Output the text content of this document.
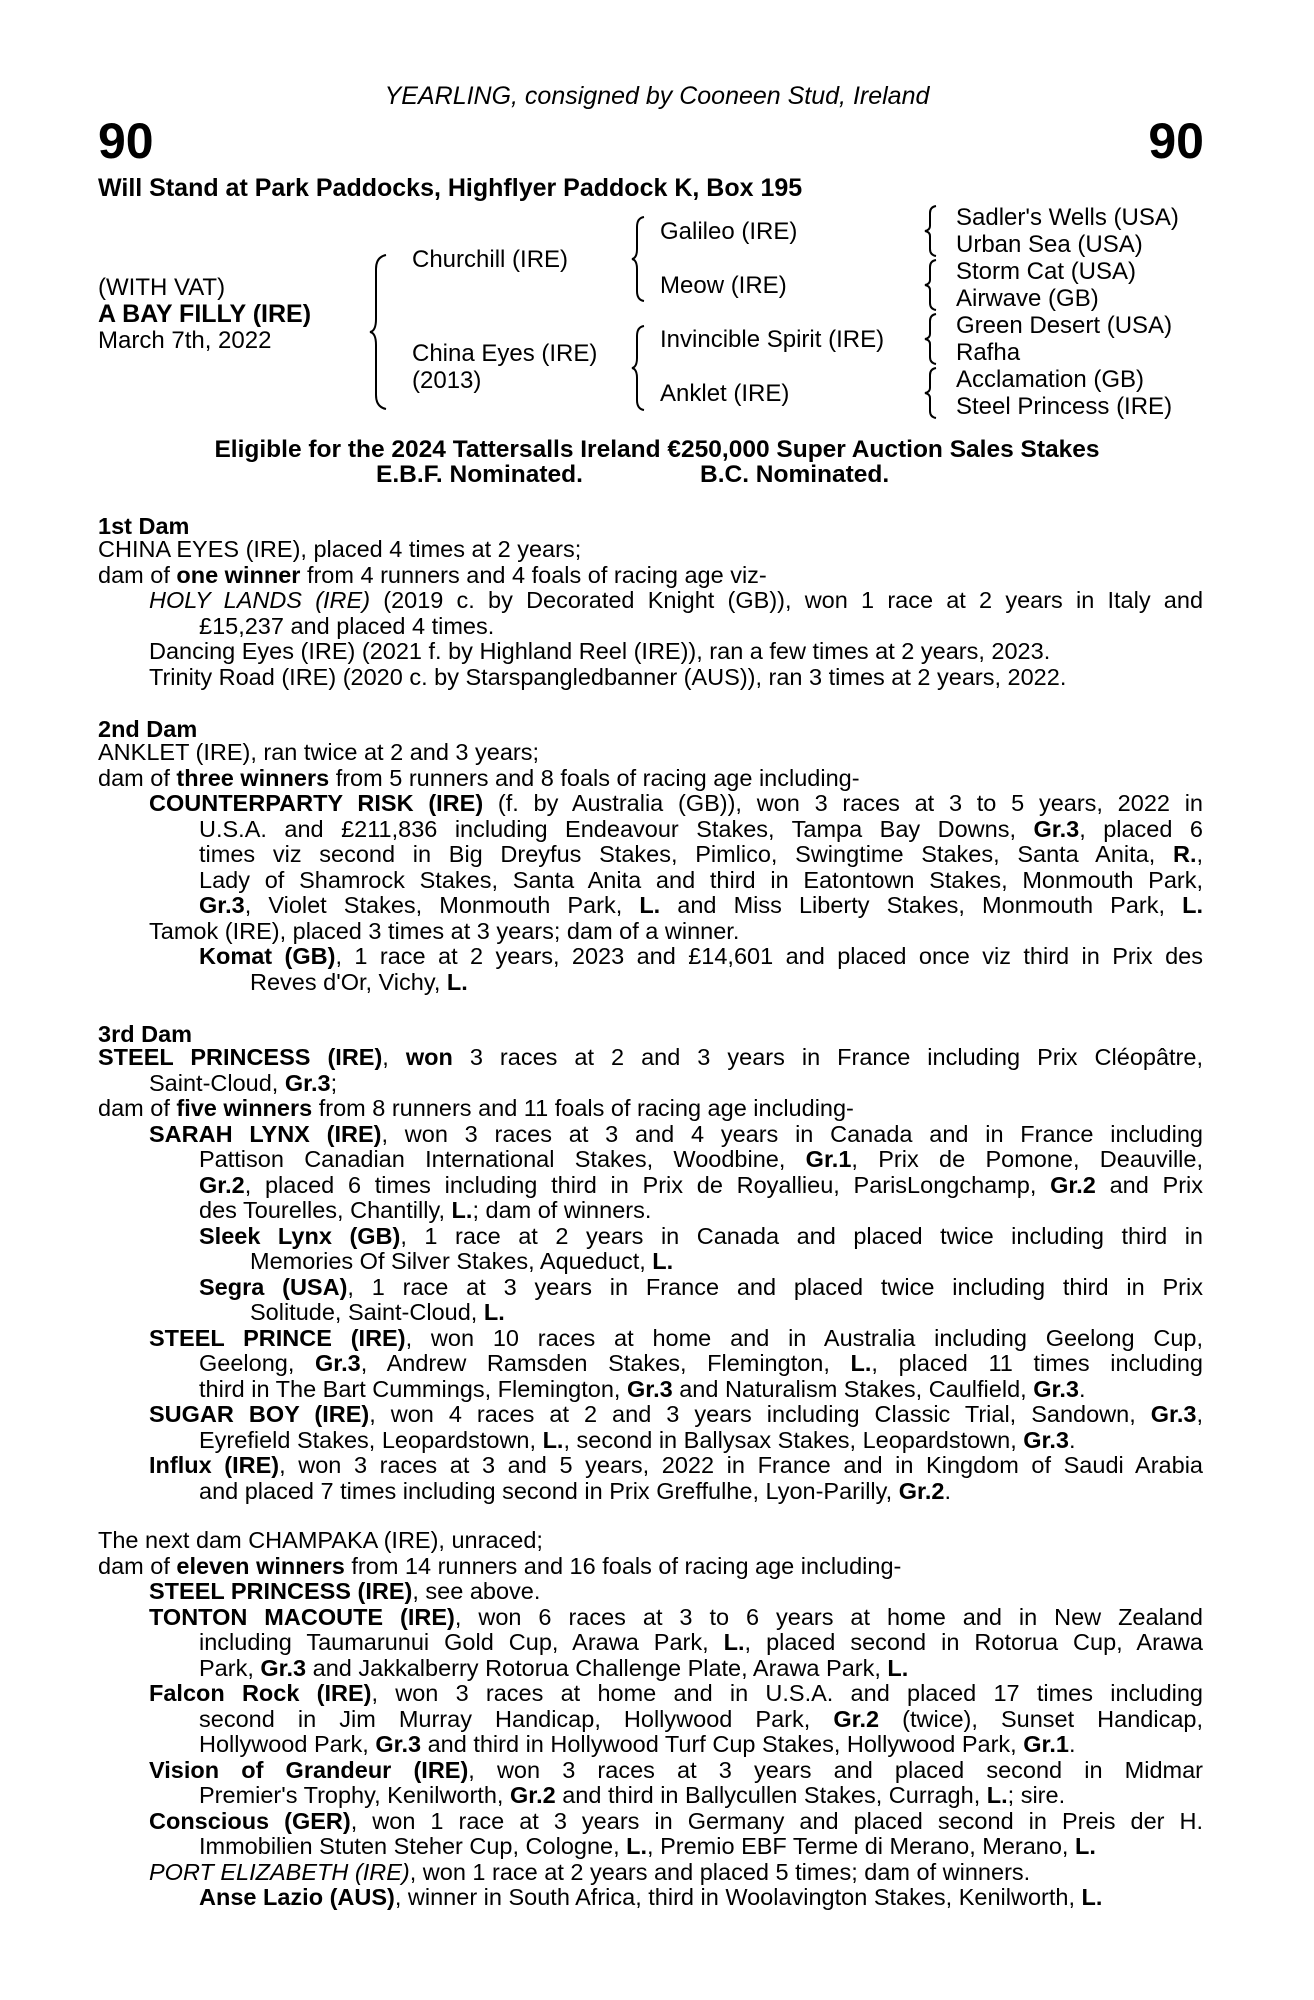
YEARLING, consigned by Cooneen Stud, Ireland
90	90
Will Stand at Park Paddocks, Highflyer Paddock K, Box 195
(WITH VAT)
A BAY FILLY (IRE)
March 7th, 2022
Churchill (IRE)
China Eyes (IRE)
(2013)
Galileo (IRE)
Meow (IRE)
Invincible Spirit (IRE)
Anklet (IRE)
Sadler's Wells (USA)
Urban Sea (USA)
Storm Cat (USA)
Airwave (GB)
Green Desert (USA)
Rafha
Acclamation (GB)
Steel Princess (IRE)
Eligible for the 2024 Tattersalls Ireland €250,000 Super Auction Sales Stakes
E.B.F. Nominated.	B.C. Nominated.
1st Dam
CHINA EYES (IRE), placed 4 times at 2 years;
dam of one winner from 4 runners and 4 foals of racing age viz-
HOLY LANDS (IRE) (2019 c. by Decorated Knight (GB)), won 1 race at 2 years in Italy and
£15,237 and placed 4 times.
Dancing Eyes (IRE) (2021 f. by Highland Reel (IRE)), ran a few times at 2 years, 2023.
Trinity Road (IRE) (2020 c. by Starspangledbanner (AUS)), ran 3 times at 2 years, 2022.
2nd Dam
ANKLET (IRE), ran twice at 2 and 3 years;
dam of three winners from 5 runners and 8 foals of racing age including-
COUNTERPARTY RISK (IRE) (f. by Australia (GB)), won 3 races at 3 to 5 years, 2022 in
U.S.A. and £211,836 including Endeavour Stakes, Tampa Bay Downs, Gr.3, placed 6
times viz second in Big Dreyfus Stakes, Pimlico, Swingtime Stakes, Santa Anita, R.,
Lady of Shamrock Stakes, Santa Anita and third in Eatontown Stakes, Monmouth Park,
Gr.3, Violet Stakes, Monmouth Park, L. and Miss Liberty Stakes, Monmouth Park, L.
Tamok (IRE), placed 3 times at 3 years; dam of a winner.
Komat (GB), 1 race at 2 years, 2023 and £14,601 and placed once viz third in Prix des
Reves d'Or, Vichy, L.
3rd Dam
STEEL PRINCESS (IRE), won 3 races at 2 and 3 years in France including Prix Cléopâtre,
Saint-Cloud, Gr.3;
dam of five winners from 8 runners and 11 foals of racing age including-
SARAH LYNX (IRE), won 3 races at 3 and 4 years in Canada and in France including
Pattison Canadian International Stakes, Woodbine, Gr.1, Prix de Pomone, Deauville,
Gr.2, placed 6 times including third in Prix de Royallieu, ParisLongchamp, Gr.2 and Prix
des Tourelles, Chantilly, L.; dam of winners.
Sleek Lynx (GB), 1 race at 2 years in Canada and placed twice including third in
Memories Of Silver Stakes, Aqueduct, L.
Segra (USA), 1 race at 3 years in France and placed twice including third in Prix
Solitude, Saint-Cloud, L.
STEEL PRINCE (IRE), won 10 races at home and in Australia including Geelong Cup,
Geelong, Gr.3, Andrew Ramsden Stakes, Flemington, L., placed 11 times including
third in The Bart Cummings, Flemington, Gr.3 and Naturalism Stakes, Caulfield, Gr.3.
SUGAR BOY (IRE), won 4 races at 2 and 3 years including Classic Trial, Sandown, Gr.3,
Eyrefield Stakes, Leopardstown, L., second in Ballysax Stakes, Leopardstown, Gr.3.
Influx (IRE), won 3 races at 3 and 5 years, 2022 in France and in Kingdom of Saudi Arabia
and placed 7 times including second in Prix Greffulhe, Lyon-Parilly, Gr.2.
The next dam CHAMPAKA (IRE), unraced;
dam of eleven winners from 14 runners and 16 foals of racing age including-
STEEL PRINCESS (IRE), see above.
TONTON MACOUTE (IRE), won 6 races at 3 to 6 years at home and in New Zealand
including Taumarunui Gold Cup, Arawa Park, L., placed second in Rotorua Cup, Arawa
Park, Gr.3 and Jakkalberry Rotorua Challenge Plate, Arawa Park, L.
Falcon Rock (IRE), won 3 races at home and in U.S.A. and placed 17 times including
second in Jim Murray Handicap, Hollywood Park, Gr.2 (twice), Sunset Handicap,
Hollywood Park, Gr.3 and third in Hollywood Turf Cup Stakes, Hollywood Park, Gr.1.
Vision of Grandeur (IRE), won 3 races at 3 years and placed second in Midmar
Premier's Trophy, Kenilworth, Gr.2 and third in Ballycullen Stakes, Curragh, L.; sire.
Conscious (GER), won 1 race at 3 years in Germany and placed second in Preis der H.
Immobilien Stuten Steher Cup, Cologne, L., Premio EBF Terme di Merano, Merano, L.
PORT ELIZABETH (IRE), won 1 race at 2 years and placed 5 times; dam of winners.
Anse Lazio (AUS), winner in South Africa, third in Woolavington Stakes, Kenilworth, L.
